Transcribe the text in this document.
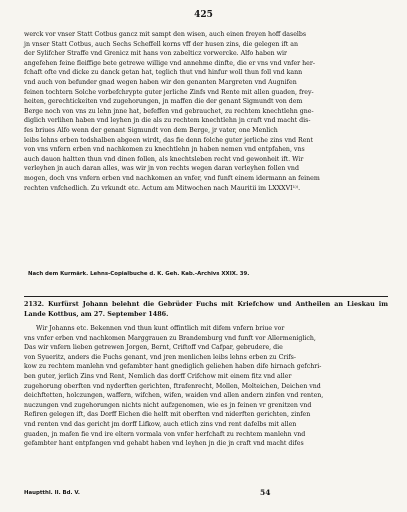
425

werck vor vnser Statt Cotbus gancz mit sampt den wisen, auch einen freyen hoff daselbs

jn vnser Statt Cotbus, auch Sechs Scheffell korns vff der husen zins, die gelegen ift an

der Sylifcher Straffe vnd Grenicz mit hans von zabelticz vorwercke. Alfo haben wir

angefehen feine fleiffige bete getrewe willige vnd annehme dinfte, die er vns vnd vnfer her-

fchaft ofte vnd dicke zu danck getan hat, teglich thut vnd hinfur woll thun foll vnd kann

vnd auch von befunder gnad wegen haben wir den genanten Margreten vnd Augnifen

feinen tochtern Solche vorbefchrypte guter jerliche Zinfs vnd Rente mit allen guaden, frey-

heiten, gerechtickeiten vnd zugehorungen, jn maffen die der genant Sigmundt von dem

Berge noch von vns zu lehn jnne hat, befeffen vnd gebrauchet, zu rechtem knechtlehn gne-

diglich verlihen haben vnd leyhen jn die als zu rechtem knechtlehn jn craft vnd macht dis-

fes briues Alfo wenn der genant Sigmundt von dem Berge, jr vater, one Menlich

leibs lehns erben todshalben abgeen wirdt, das fie denn folche guter jerliche zins vnd Rent

von vns vnfern erben vnd nachkomen zu knechtlehn jn haben nemen vnd entpfahen, vns

auch dauon haltten thun vnd dinen follen, als knechtsleben recht vnd gewonheit ift. Wir

verleyhen jn auch daran alles, was wir jn von rechts wegen daran verleyhen follen vnd

mogen, doch vns vnfern erben vnd nachkomen an vnfer, vnd funft einem idermann an feinem

rechten vnfchedlich. Zu vrkundt etc. Actum am Mitwochen nach Mauritii im LXXXVI¹⁾⁾.

Nach dem Kurmärk. Lehns-Copialbuche d. K. Geh. Kab.-Archivs XXIX. 39.
2132. Kurfürst Johann belehnt die Gebrüder Fuchs mit Kriefchow und Antheilen an Lieskau im Lande Kottbus, am 27. September 1486.

Wir Johanns etc. Bekennen vnd thun kunt offintlich mit difem vnfern briue vor

vns vnfer erben vnd nachkomen Marggrauen zu Brandemburg vnd funft vor Allermeniglich,

Das wir vnfern lieben getrewen Jorgen, Bernt, Criftoff vnd Cafpar, gebrudere, die

von Syueritz, anders die Fuchs genant, vnd jren menlichen leibs lehns erben zu Crifs-

kow zu rechtem manlehn vnd gefambter hant gnediglich geliehen haben dife hirnach gefchri-

ben guter, jerlich Zins vnd Rent, Nemlich das dorff Crifchow mit einem fitz vnd aller

zugehorung oberften vnd nyderften gerichten, ftrafenrecht, Mollen, Molteichen, Deichen vnd

deichftetten, holczungen, waffern, wifchen, wifen, waiden vnd allen andern zinfen vnd renten,

nuczungen vnd zugehorungen nichts nicht aufzgenomen, wie es jn feinen vr grenitzen vnd

Refiren gelegen ift, das Dorff Eichen die helft mit oberften vnd niderften gerichten, zinfen

vnd renten vnd das gericht jm dorff Lifkow, auch etlich zins vnd rent dafelbs mit allen

guaden, jn mafen fie vnd ire eltern vormala von vnfer herfchaft zu rechtem manlehn vnd

gefambter hant entpfangen vnd gehabt haben vnd leyhen jn die jn craft vnd macht difes

Hauptthl. II. Bd. V.	54
